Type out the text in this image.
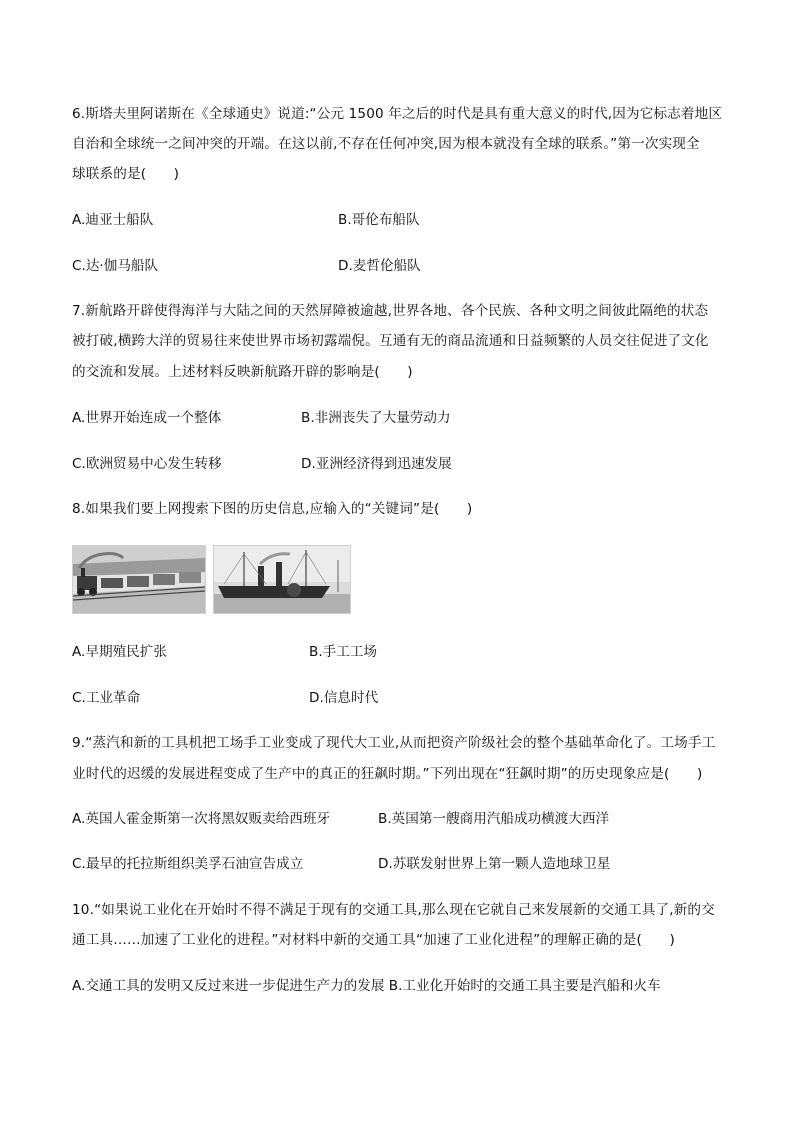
6.斯塔夫里阿诺斯在《全球通史》说道:“公元 1500 年之后的时代是具有重大意义的时代,因为它标志着地区
自治和全球统一之间冲突的开端。在这以前,不存在任何冲突,因为根本就没有全球的联系。”第一次实现全
球联系的是(　　)
A.迪亚士船队	B.哥伦布船队
C.达·伽马船队	D.麦哲伦船队
7.新航路开辟使得海洋与大陆之间的天然屏障被逾越,世界各地、各个民族、各种文明之间彼此隔绝的状态
被打破,横跨大洋的贸易往来使世界市场初露端倪。互通有无的商品流通和日益频繁的人员交往促进了文化
的交流和发展。上述材料反映新航路开辟的影响是(　　)
A.世界开始连成一个整体	B.非洲丧失了大量劳动力
C.欧洲贸易中心发生转移	D.亚洲经济得到迅速发展
8.如果我们要上网搜索下图的历史信息,应输入的“关键词”是(　　)
A.早期殖民扩张	B.手工工场
C.工业革命	D.信息时代
9.“蒸汽和新的工具机把工场手工业变成了现代大工业,从而把资产阶级社会的整个基础革命化了。工场手工
业时代的迟缓的发展进程变成了生产中的真正的狂飙时期。”下列出现在“狂飙时期”的历史现象应是(　　)
A.英国人霍金斯第一次将黑奴贩卖给西班牙	B.英国第一艘商用汽船成功横渡大西洋
C.最早的托拉斯组织美孚石油宣告成立	D.苏联发射世界上第一颗人造地球卫星
10.“如果说工业化在开始时不得不满足于现有的交通工具,那么现在它就自己来发展新的交通工具了,新的交
通工具……加速了工业化的进程。”对材料中新的交通工具“加速了工业化进程”的理解正确的是(　　)
A.交通工具的发明又反过来进一步促进生产力的发展 B.工业化开始时的交通工具主要是汽船和火车
